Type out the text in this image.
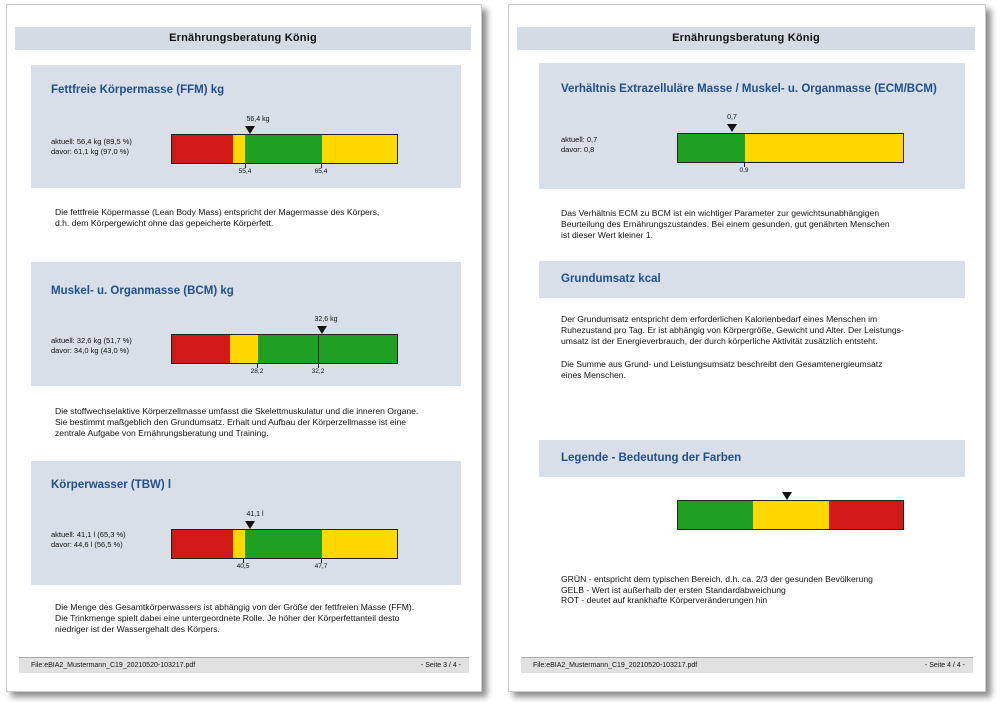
Ernährungsberatung König
Fettfreie Körpermasse (FFM) kg
aktuell: 56,4 kg (89,5 %)
davor: 61,1 kg (97,0 %)
56,4 kg
55,4	65,4

Die fettfreie Köpermasse (Lean Body Mass) entspricht der Magermasse des Körpers,

d.h. dem Körpergewicht ohne das gepeicherte Körperfett.

Muskel- u. Organmasse (BCM) kg
aktuell: 32,6 kg (51,7 %)
davor: 34,0 kg (43,0 %)
32,6 kg
28,2	32,2

Die stoffwechselaktive Körperzellmasse umfasst die Skelettmuskulatur und die inneren Organe.

Sie bestimmt maßgeblich den Grundumsatz. Erhalt und Aufbau der Körperzellmasse ist eine

zentrale Aufgabe von Ernährungsberatung und Training.

Körperwasser (TBW) l
aktuell: 41,1 l (65,3 %)
davor: 44,6 l (56,5 %)
41,1 l
40,5	47,7

Die Menge des Gesamtkörperwassers ist abhängig von der Größe der fettfreien Masse (FFM).

Die Trinkmenge spielt dabei eine untergeordnete Rolle. Je höher der Körperfettanteil desto

niedriger ist der Wassergehalt des Körpers.

File:eBIA2_Mustermann_C19_20210520-103217.pdf	- Seite 3 / 4 -
Ernährungsberatung König
Verhältnis Extrazelluläre Masse / Muskel- u. Organmasse (ECM/BCM)
aktuell: 0,7
davor: 0,8
0,7
0,9

Das Verhältnis ECM zu BCM ist ein wichtiger Parameter zur gewichtsunabhängigen

Beurteilung des Ernährungszustandes. Bei einem gesunden, gut genährten Menschen

ist dieser Wert kleiner 1.

Grundumsatz kcal

Der Grundumsatz entspricht dem erforderlichen Kalorienbedarf eines Menschen im

Ruhezustand pro Tag. Er ist abhängig von Körpergröße, Gewicht und Alter. Der Leistungs-

umsatz ist der Energieverbrauch, der durch körperliche Aktivität zusätzlich entsteht.

Die Summe aus Grund- und Leistungsumsatz beschreibt den Gesamtenergieumsatz

eines Menschen.

Legende - Bedeutung der Farben
GRÜN - entspricht dem typischen Bereich, d.h. ca. 2/3 der gesunden Bevölkerung
GELB - Wert ist außerhalb der ersten Standardabweichung
ROT - deutet auf krankhafte Körperveränderungen hin
File:eBIA2_Mustermann_C19_20210520-103217.pdf	- Seite 4 / 4 -
